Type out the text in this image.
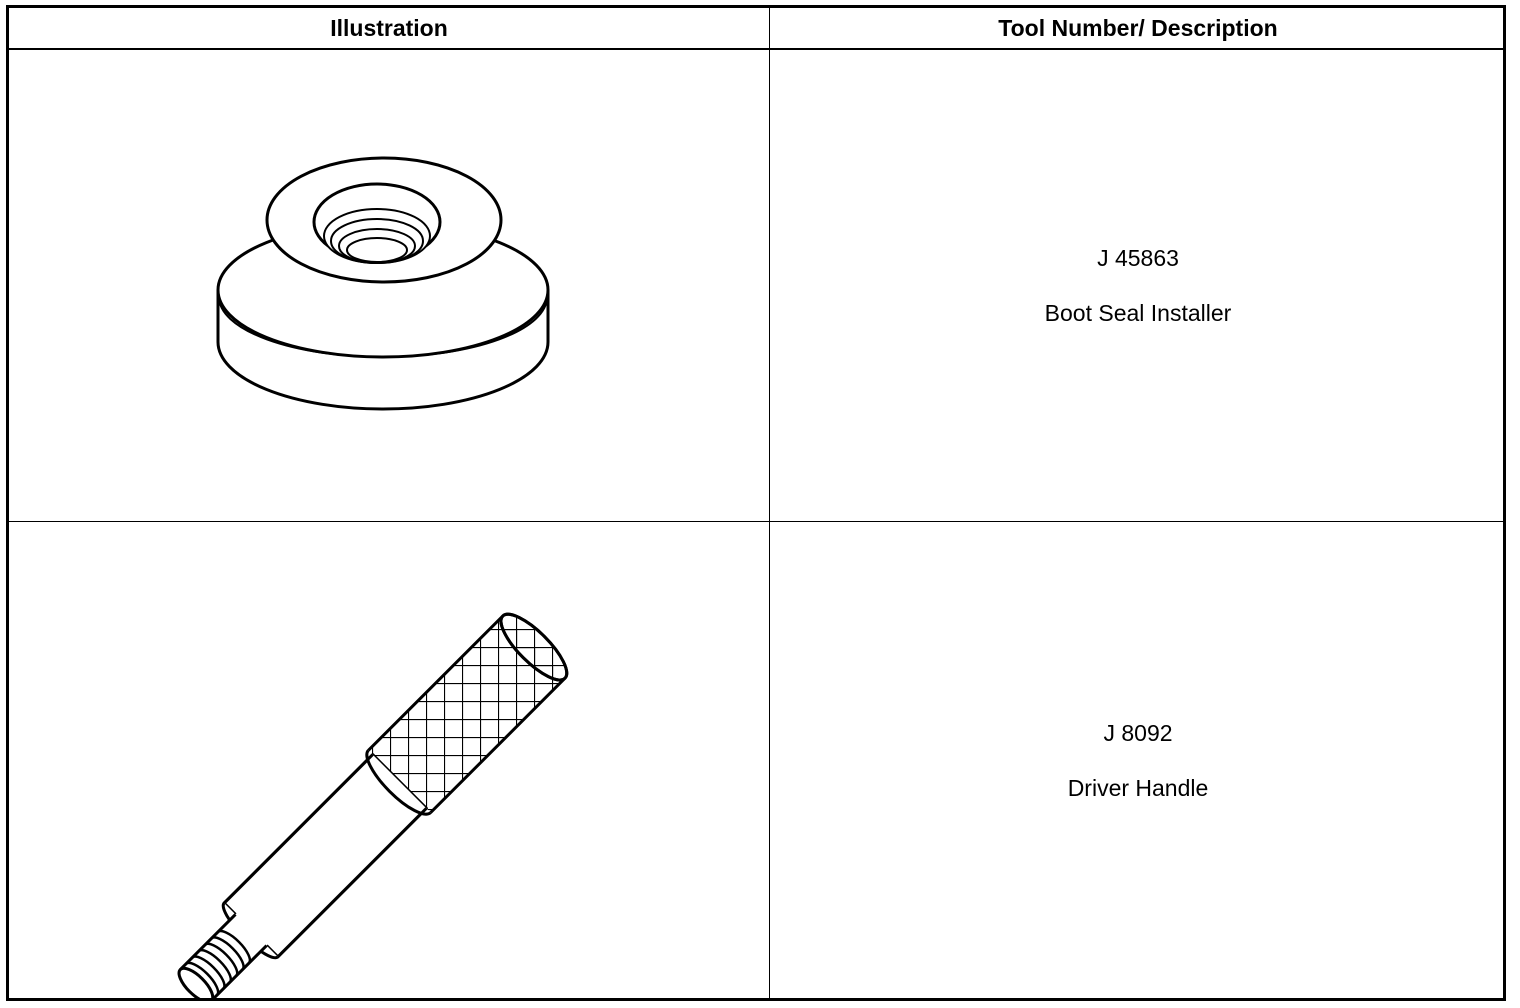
Illustration	Tool Number/ Description
J 45863
Boot Seal Installer
J 8092
Driver Handle
